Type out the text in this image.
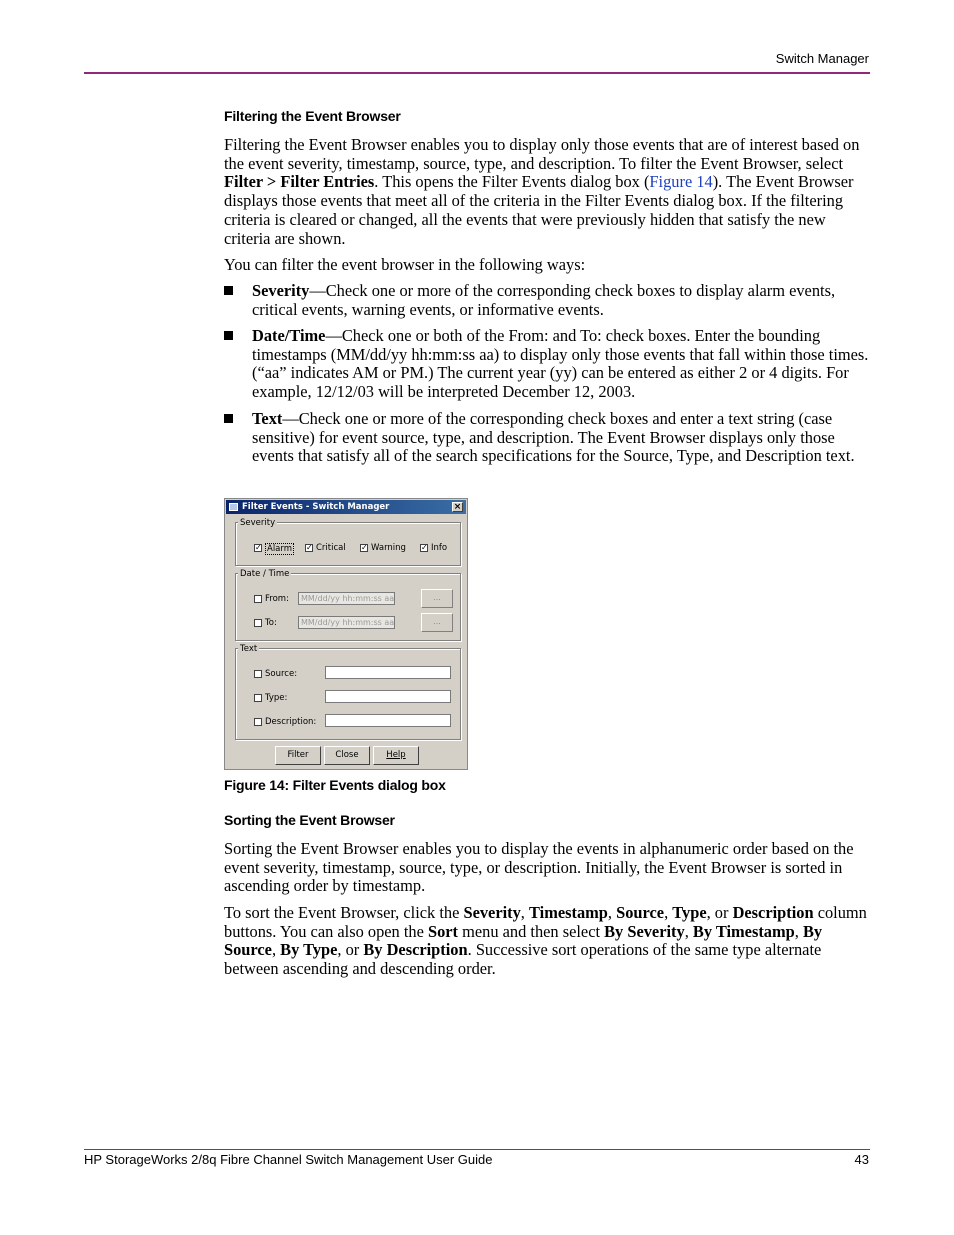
Switch Manager
Filtering the Event Browser

Filtering the Event Browser enables you to display only those events that are of interest based on the event severity, timestamp, source, type, and description. To filter the Event Browser, select Filter > Filter Entries. This opens the Filter Events dialog box (Figure 14). The Event Browser displays those events that meet all of the criteria in the Filter Events dialog box. If the filtering criteria is cleared or changed, all the events that were previously hidden that satisfy the new criteria are shown.

You can filter the event browser in the following ways:
Severity—Check one or more of the corresponding check boxes to display alarm events, critical events, warning events, or informative events.
Date/Time—Check one or both of the From: and To: check boxes. Enter the bounding timestamps (MM/dd/yy hh:mm:ss aa) to display only those events that fall within those times. (“aa” indicates AM or PM.) The current year (yy) can be entered as either 2 or 4 digits. For example, 12/12/03 will be interpreted December 12, 2003.
Text—Check one or more of the corresponding check boxes and enter a text string (case sensitive) for event source, type, and description. The Event Browser displays only those events that satisfy all of the search specifications for the Source, Type, and Description text.
Filter Events - Switch Manager	×
Severity
✓ Alarm ✓ Critical ✓ Warning ✓ Info
Date / Time
From:	MM/dd/yy hh:mm:ss aa	...
To:	MM/dd/yy hh:mm:ss aa	...
Text
Source:
Type:
Description:
Filter	Close	Help
Figure 14: Filter Events dialog box
Sorting the Event Browser
Sorting the Event Browser enables you to display the events in alphanumeric order based on the event severity, timestamp, source, type, or description. Initially, the Event Browser is sorted in ascending order by timestamp.

To sort the Event Browser, click the Severity, Timestamp, Source, Type, or Description column buttons. You can also open the Sort menu and then select By Severity, By Timestamp, By Source, By Type, or By Description. Successive sort operations of the same type alternate between ascending and descending order.

HP StorageWorks 2/8q Fibre Channel Switch Management User Guide	43
